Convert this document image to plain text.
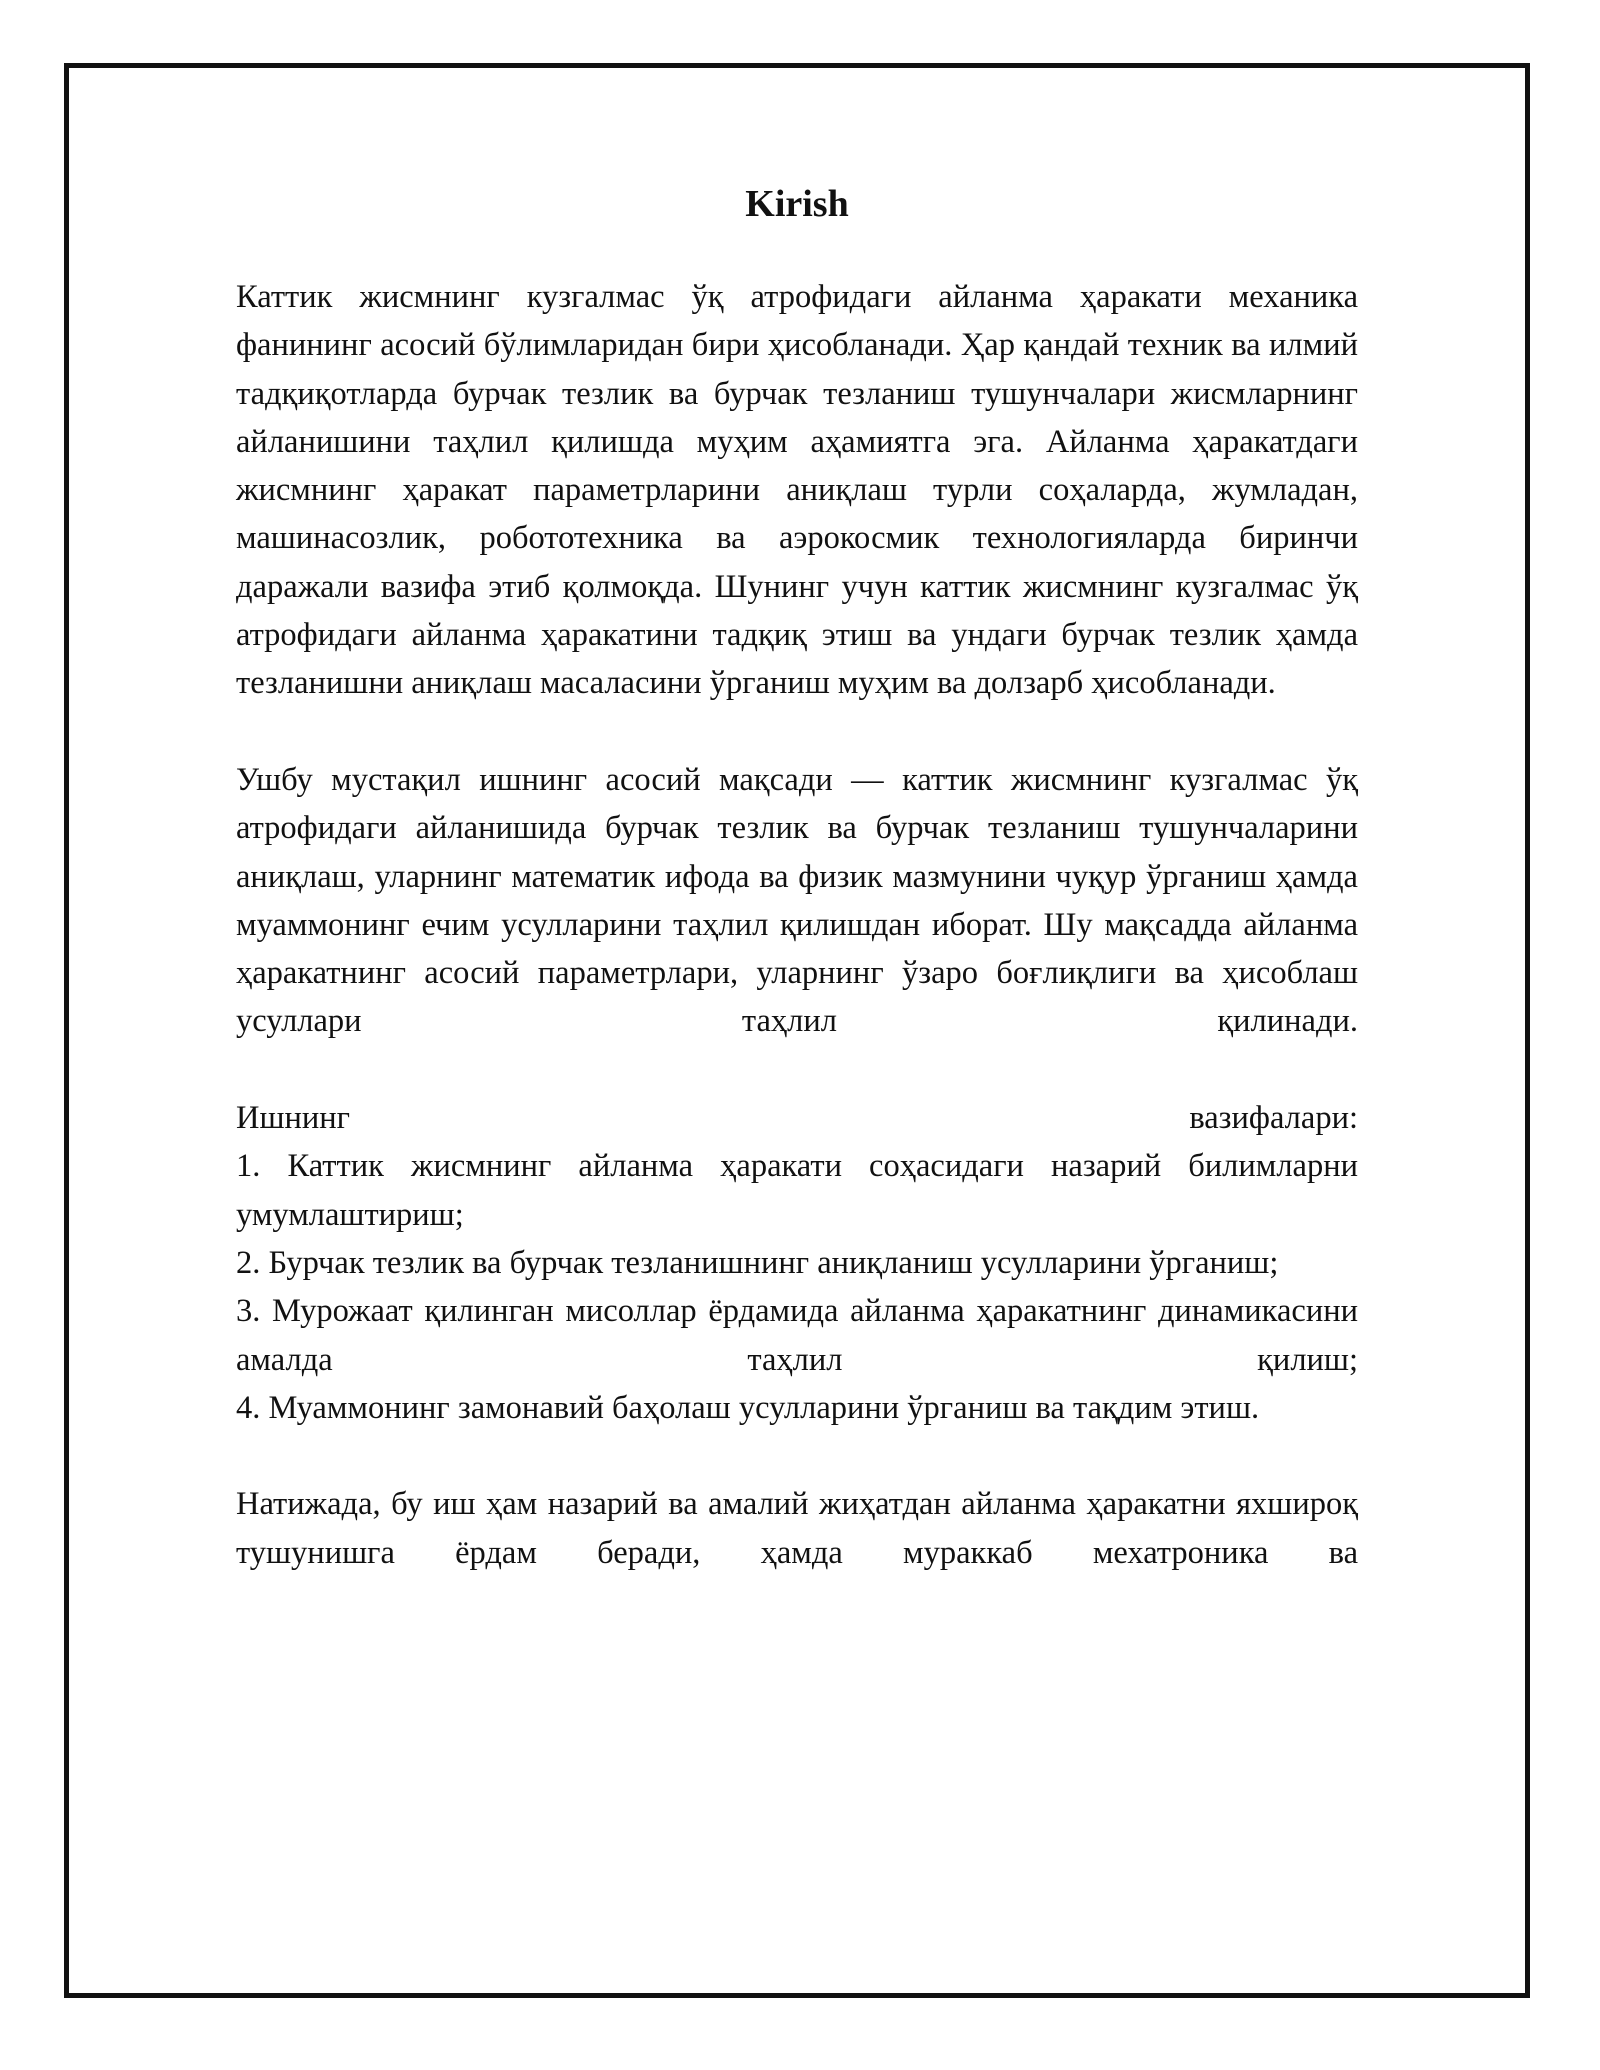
Kirish

Каттик жисмнинг кузгалмас ўқ атрофидаги айланма ҳаракати механика фанининг асосий бўлимларидан бири ҳисобланади. Ҳар қандай техник ва илмий тадқиқотларда бурчак тезлик ва бурчак тезланиш тушунчалари жисмларнинг айланишини таҳлил қилишда муҳим аҳамиятга эга. Айланма ҳаракатдаги жисмнинг ҳаракат параметрларини аниқлаш турли соҳаларда, жумладан, машинасозлик, робототехника ва аэрокосмик технологияларда биринчи даражали вазифа этиб қолмоқда. Шунинг учун каттик жисмнинг кузгалмас ўқ атрофидаги айланма ҳаракатини тадқиқ этиш ва ундаги бурчак тезлик ҳамда тезланишни аниқлаш масаласини ўрганиш муҳим ва долзарб ҳисобланади.

Ушбу мустақил ишнинг асосий мақсади — каттик жисмнинг кузгалмас ўқ атрофидаги айланишида бурчак тезлик ва бурчак тезланиш тушунчаларини аниқлаш, уларнинг математик ифода ва физик мазмунини чуқур ўрганиш ҳамда муаммонинг ечим усулларини таҳлил қилишдан иборат. Шу мақсадда айланма ҳаракатнинг асосий параметрлари, уларнинг ўзаро боғлиқлиги ва ҳисоблаш усуллари таҳлил қилинади.

Ишнинг вазифалари:

1. Каттик жисмнинг айланма ҳаракати соҳасидаги назарий билимларни умумлаштириш;

2. Бурчак тезлик ва бурчак тезланишнинг аниқланиш усулларини ўрганиш;

3. Мурожаат қилинган мисоллар ёрдамида айланма ҳаракатнинг динамикасини амалда таҳлил қилиш;

4. Муаммонинг замонавий баҳолаш усулларини ўрганиш ва тақдим этиш.

Натижада, бу иш ҳам назарий ва амалий жиҳатдан айланма ҳаракатни яхшироқ тушунишга ёрдам беради, ҳамда мураккаб мехатроника ва
